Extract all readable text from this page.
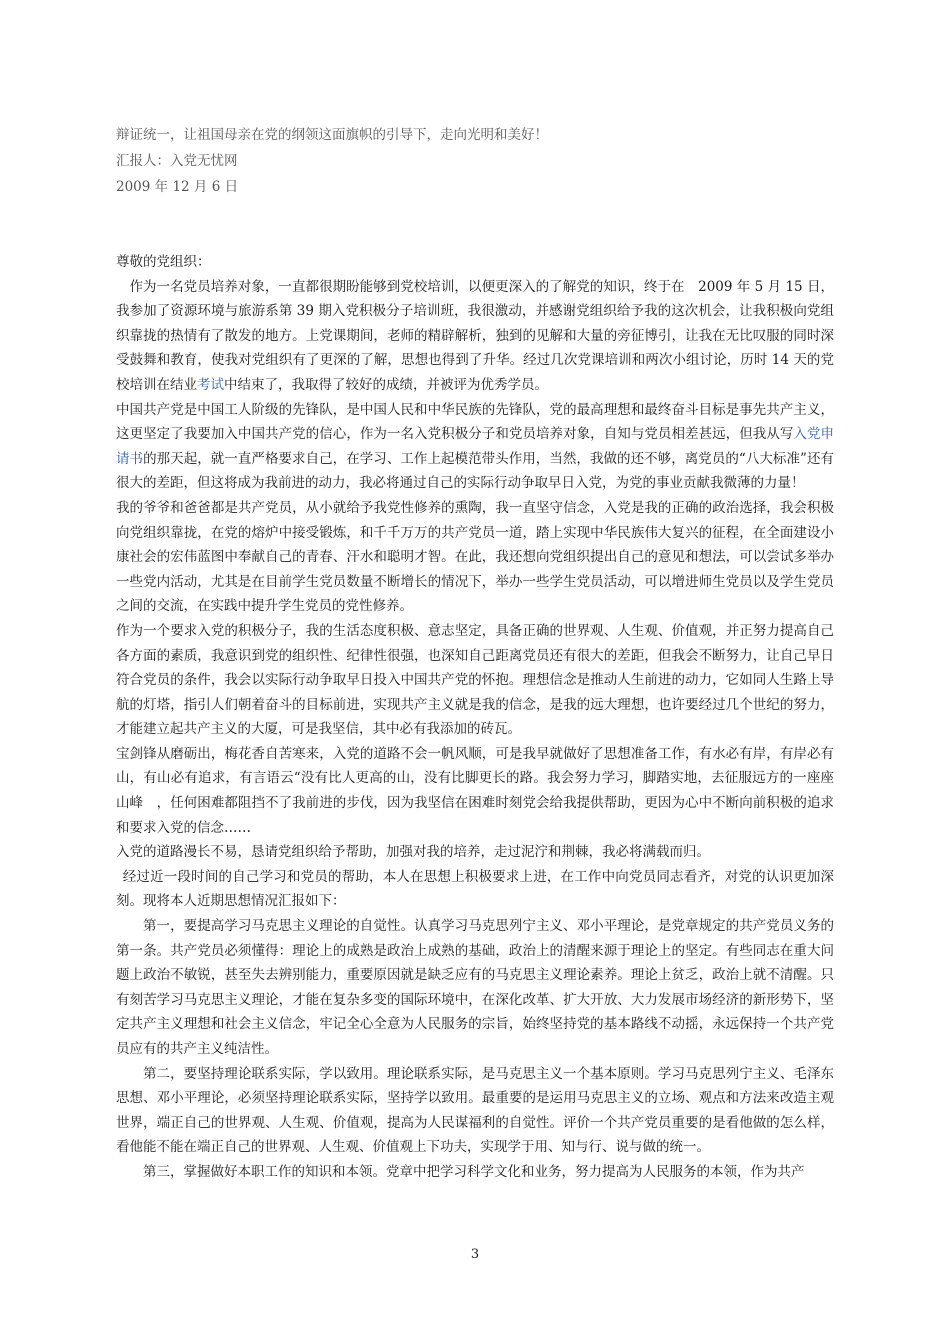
辩证统一，让祖国母亲在党的纲领这面旗帜的引导下，走向光明和美好！
汇报人：入党无忧网
2009 年 12 月 6 日

尊敬的党组织：

作为一名党员培养对象，一直都很期盼能够到党校培训，以便更深入的了解党的知识，终于在　2009 年 5 月 15 日，我参加了资源环境与旅游系第 39 期入党积极分子培训班，我很激动，并感谢党组织给予我的这次机会，让我积极向党组织靠拢的热情有了散发的地方。上党课期间，老师的精辟解析，独到的见解和大量的旁征博引，让我在无比叹服的同时深受鼓舞和教育，使我对党组织有了更深的了解，思想也得到了升华。经过几次党课培训和两次小组讨论，历时 14 天的党校培训在结业考试中结束了，我取得了较好的成绩，并被评为优秀学员。

中国共产党是中国工人阶级的先锋队，是中国人民和中华民族的先锋队，党的最高理想和最终奋斗目标是事先共产主义，这更坚定了我要加入中国共产党的信心，作为一名入党积极分子和党员培养对象，自知与党员相差甚远，但我从写入党申请书的那天起，就一直严格要求自己，在学习、工作上起模范带头作用，当然，我做的还不够，离党员的“八大标准”还有很大的差距，但这将成为我前进的动力，我必将通过自己的实际行动争取早日入党，为党的事业贡献我微薄的力量！

我的爷爷和爸爸都是共产党员，从小就给予我党性修养的熏陶，我一直坚守信念，入党是我的正确的政治选择，我会积极向党组织靠拢，在党的熔炉中接受锻炼，和千千万万的共产党员一道，踏上实现中华民族伟大复兴的征程，在全面建设小康社会的宏伟蓝图中奉献自己的青春、汗水和聪明才智。在此，我还想向党组织提出自己的意见和想法，可以尝试多举办一些党内活动，尤其是在目前学生党员数量不断增长的情况下，举办一些学生党员活动，可以增进师生党员以及学生党员之间的交流，在实践中提升学生党员的党性修养。

作为一个要求入党的积极分子，我的生活态度积极、意志坚定，具备正确的世界观、人生观、价值观，并正努力提高自己各方面的素质，我意识到党的组织性、纪律性很强，也深知自己距离党员还有很大的差距，但我会不断努力，让自己早日符合党员的条件，我会以实际行动争取早日投入中国共产党的怀抱。理想信念是推动人生前进的动力，它如同人生路上导航的灯塔，指引人们朝着奋斗的目标前进，实现共产主义就是我的信念，是我的远大理想，也许要经过几个世纪的努力，才能建立起共产主义的大厦，可是我坚信，其中必有我添加的砖瓦。

宝剑锋从磨砺出，梅花香自苦寒来，入党的道路不会一帆风顺，可是我早就做好了思想准备工作，有水必有岸，有岸必有山，有山必有追求，有言语云“没有比人更高的山，没有比脚更长的路。我会努力学习，脚踏实地，去征服远方的一座座山峰　，任何困难都阻挡不了我前进的步伐，因为我坚信在困难时刻党会给我提供帮助，更因为心中不断向前积极的追求和要求入党的信念……

入党的道路漫长不易，恳请党组织给予帮助，加强对我的培养，走过泥泞和荆棘，我必将满载而归。

经过近一段时间的自己学习和党员的帮助，本人在思想上积极要求上进，在工作中向党员同志看齐，对党的认识更加深刻。现将本人近期思想情况汇报如下：

第一，要提高学习马克思主义理论的自觉性。认真学习马克思列宁主义、邓小平理论，是党章规定的共产党员义务的第一条。共产党员必须懂得：理论上的成熟是政治上成熟的基础，政治上的清醒来源于理论上的坚定。有些同志在重大问题上政治不敏锐，甚至失去辨别能力，重要原因就是缺乏应有的马克思主义理论素养。理论上贫乏，政治上就不清醒。只有刻苦学习马克思主义理论，才能在复杂多变的国际环境中，在深化改革、扩大开放、大力发展市场经济的新形势下，坚定共产主义理想和社会主义信念，牢记全心全意为人民服务的宗旨，始终坚持党的基本路线不动摇，永远保持一个共产党员应有的共产主义纯洁性。

第二，要坚持理论联系实际，学以致用。理论联系实际，是马克思主义一个基本原则。学习马克思列宁主义、毛泽东思想、邓小平理论，必须坚持理论联系实际，坚持学以致用。最重要的是运用马克思主义的立场、观点和方法来改造主观世界，端正自己的世界观、人生观、价值观，提高为人民谋福利的自觉性。评价一个共产党员重要的是看他做的怎么样，看他能不能在端正自己的世界观、人生观、价值观上下功夫，实现学于用、知与行、说与做的统一。

第三，掌握做好本职工作的知识和本领。党章中把学习科学文化和业务，努力提高为人民服务的本领，作为共产

3
